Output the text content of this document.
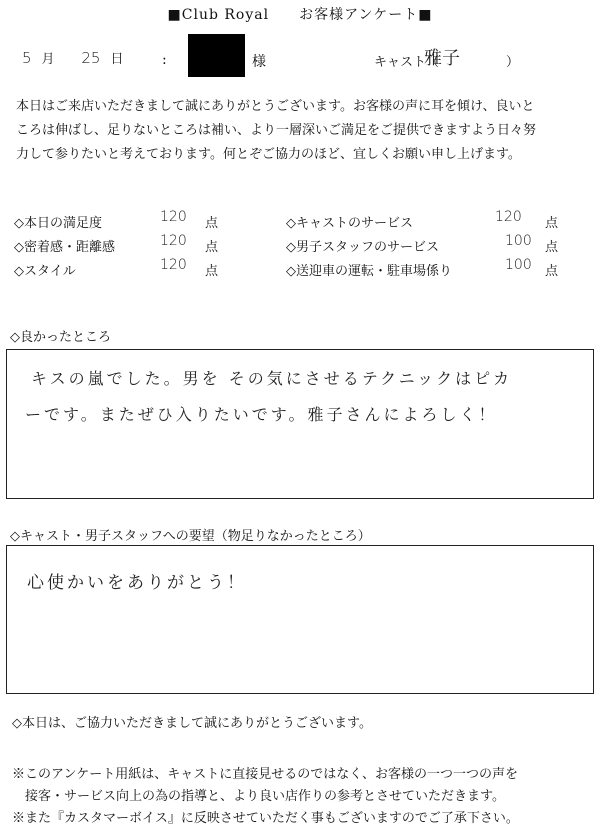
■Club Royal　　お客様アンケート■
5 月 25 日	:	様	キャスト（
雅子	）
本日はご来店いただきまして誠にありがとうございます。お客様の声に耳を傾け、良いと
ころは伸ばし、足りないところは補い、より一層深いご満足をご提供できますよう日々努
力して参りたいと考えております。何とぞご協力のほど、宜しくお願い申し上げます。
◇本日の満足度	120 点
◇密着感・距離感	120 点
◇スタイル	120 点
◇キャストのサービス	120 点
◇男子スタッフのサービス	100 点
◇送迎車の運転・駐車場係り	100 点
◇良かったところ
キスの嵐でした。男を その気にさせるテクニックはピカ
ーです。またぜひ入りたいです。雅子さんによろしく！
◇キャスト・男子スタッフへの要望（物足りなかったところ）
心使かいをありがとう！
◇本日は、ご協力いただきまして誠にありがとうございます。
※このアンケート用紙は、キャストに直接見せるのではなく、お客様の一つ一つの声を
　接客・サービス向上の為の指導と、より良い店作りの参考とさせていただきます。
※また『カスタマーボイス』に反映させていただく事もございますのでご了承下さい。
